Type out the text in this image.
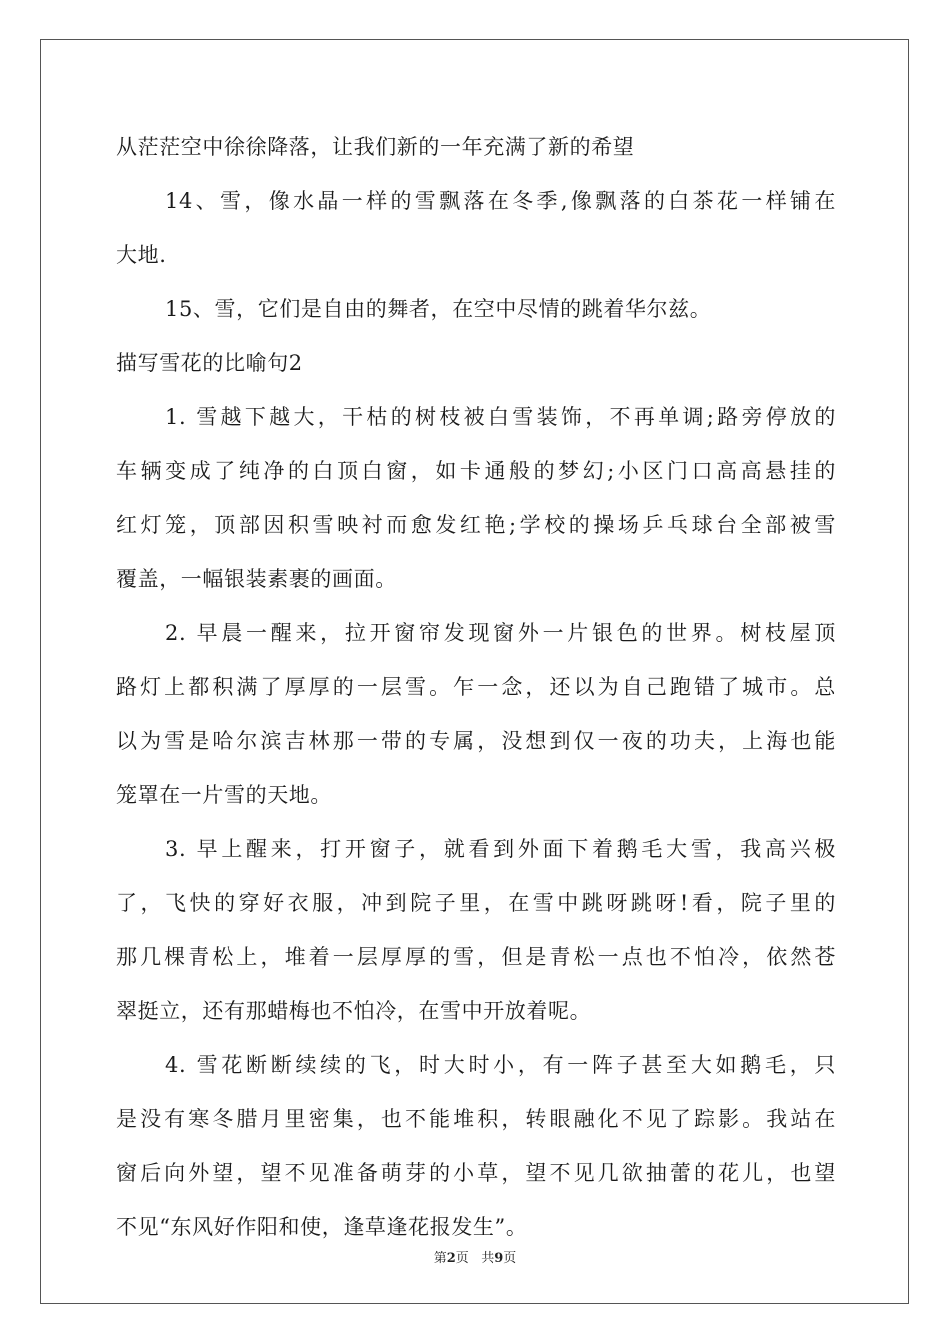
从茫茫空中徐徐降落，让我们新的一年充满了新的希望
14、雪，像水晶一样的雪飘落在冬季,像飘落的白茶花一样铺在
大地.
15、雪，它们是自由的舞者，在空中尽情的跳着华尔兹。
描写雪花的比喻句2
1. 雪越下越大，干枯的树枝被白雪装饰，不再单调;路旁停放的
车辆变成了纯净的白顶白窗，如卡通般的梦幻;小区门口高高悬挂的
红灯笼，顶部因积雪映衬而愈发红艳;学校的操场乒乓球台全部被雪
覆盖，一幅银装素裹的画面。
2. 早晨一醒来，拉开窗帘发现窗外一片银色的世界。树枝屋顶
路灯上都积满了厚厚的一层雪。乍一念，还以为自己跑错了城市。总
以为雪是哈尔滨吉林那一带的专属，没想到仅一夜的功夫，上海也能
笼罩在一片雪的天地。
3. 早上醒来，打开窗子，就看到外面下着鹅毛大雪，我高兴极
了，飞快的穿好衣服，冲到院子里，在雪中跳呀跳呀!看，院子里的
那几棵青松上，堆着一层厚厚的雪，但是青松一点也不怕冷，依然苍
翠挺立，还有那蜡梅也不怕冷，在雪中开放着呢。
4. 雪花断断续续的飞，时大时小，有一阵子甚至大如鹅毛，只
是没有寒冬腊月里密集，也不能堆积，转眼融化不见了踪影。我站在
窗后向外望，望不见准备萌芽的小草，望不见几欲抽蕾的花儿，也望
不见“东风好作阳和使，逢草逢花报发生”。
第2页 共9页
